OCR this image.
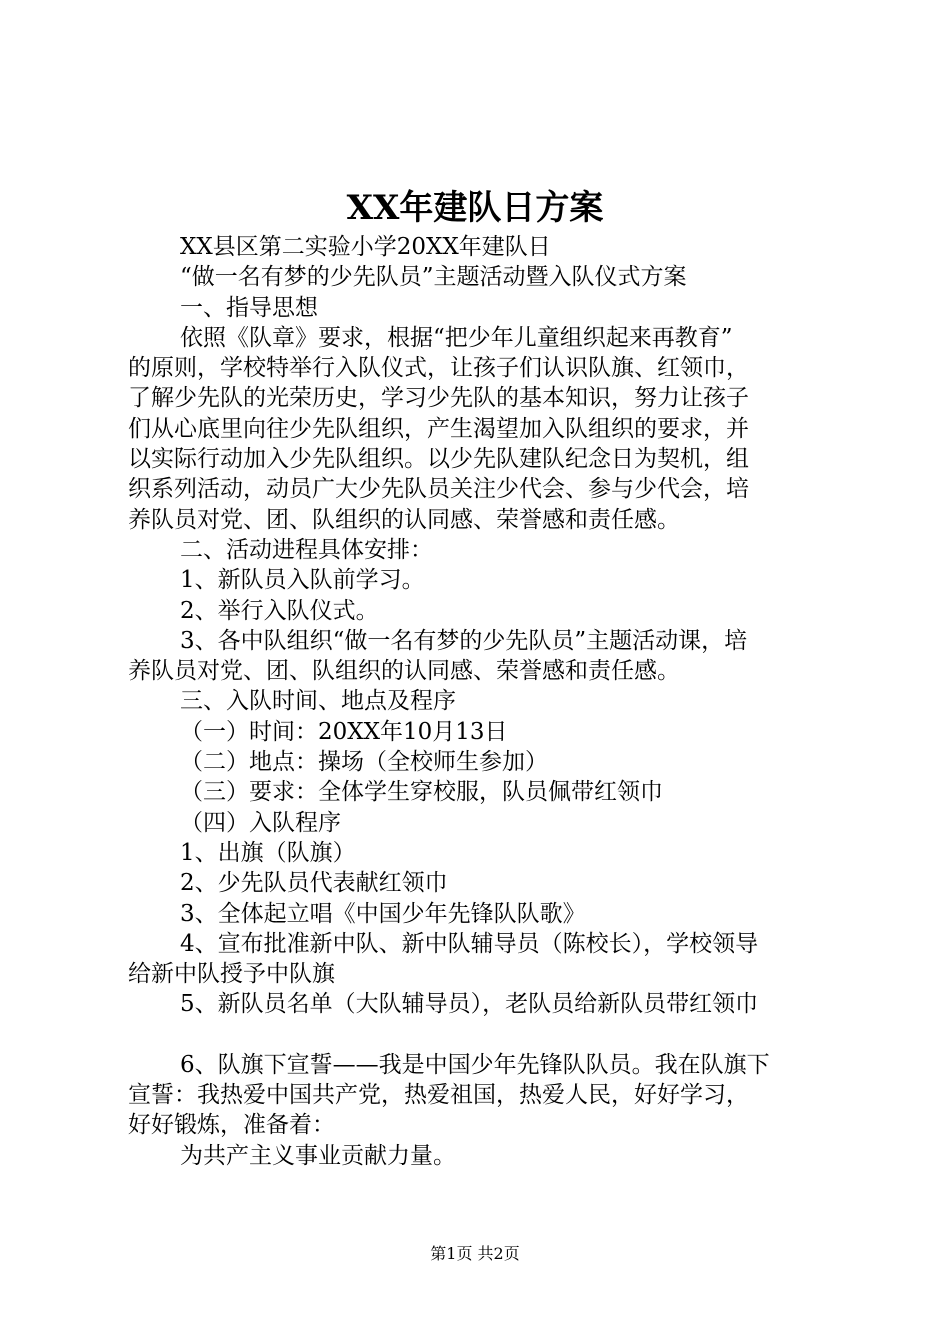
XX年建队日方案

XX县区第二实验小学20XX年建队日

“做一名有梦的少先队员”主题活动暨入队仪式方案

一、指导思想

依照《队章》要求，根据“把少年儿童组织起来再教育”

的原则，学校特举行入队仪式，让孩子们认识队旗、红领巾，

了解少先队的光荣历史，学习少先队的基本知识，努力让孩子

们从心底里向往少先队组织，产生渴望加入队组织的要求，并

以实际行动加入少先队组织。以少先队建队纪念日为契机，组

织系列活动，动员广大少先队员关注少代会、参与少代会，培

养队员对党、团、队组织的认同感、荣誉感和责任感。

二、活动进程具体安排：

1、新队员入队前学习。

2、举行入队仪式。

3、各中队组织“做一名有梦的少先队员”主题活动课，培

养队员对党、团、队组织的认同感、荣誉感和责任感。

三、入队时间、地点及程序

（一）时间：20XX年10月13日

（二）地点：操场（全校师生参加）

（三）要求：全体学生穿校服，队员佩带红领巾

（四）入队程序

1、出旗（队旗）

2、少先队员代表献红领巾

3、全体起立唱《中国少年先锋队队歌》

4、宣布批准新中队、新中队辅导员（陈校长），学校领导

给新中队授予中队旗

5、新队员名单（大队辅导员），老队员给新队员带红领巾

6、队旗下宣誓——我是中国少年先锋队队员。我在队旗下

宣誓：我热爱中国共产党，热爱祖国，热爱人民，好好学习，

好好锻炼，准备着：

为共产主义事业贡献力量。

第1页 共2页
